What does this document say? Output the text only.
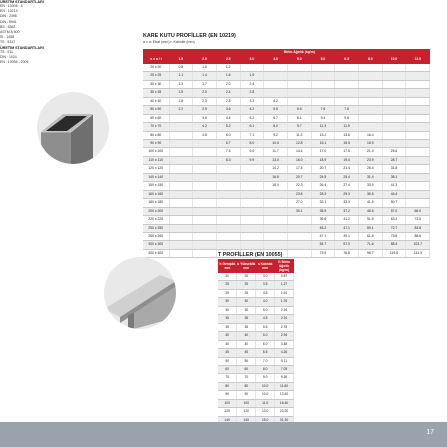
KARE KUTU PROFİLLER (EN 10219)
a x a: Ebat (mm) t: Kalınlık (mm)
	Birim Ağırlık (kg/m)										
a x a / t	1.5	2.0	2.5	3.0	4.0	5.0	5.0	6.3	8.0	10.0	12.0
20 x 20	0.8	1.0	1.2								
25 x 25	1.1	1.4	1.6	1.9							
30 x 30	1.3	1.7	2.0	2.4							
35 x 35	1.5	2.0	2.4	2.8							
40 x 40	1.8	2.3	2.8	3.3	4.2						
50 x 50	2.2	2.9	3.6	4.2	5.5	6.6	7.6	7.6			
60 x 60		3.6	4.4	5.2	6.7	8.1	9.4	9.6			
70 x 70		4.2	5.2	6.1	8.0	9.7	11.3	11.5			
80 x 80		4.8	6.0	7.1	9.2	11.3	13.2	13.6	16.4		
90 x 90			6.7	8.0	10.5	12.8	15.1	15.5	18.9		
100 x 100			7.5	9.0	11.7	14.4	17.0	17.5	21.4	25.6	
110 x 110			8.3	9.9	13.0	16.0	18.9	19.4	23.9	28.7	
120 x 120					14.2	17.5	20.7	21.4	26.4	31.8	
140 x 140					16.8	20.7	24.5	25.4	31.4	38.1	
150 x 150					18.0	22.3	26.4	27.4	33.9	41.3	
160 x 160						23.8	28.3	29.3	36.5	44.4	
180 x 180						27.0	32.1	33.3	41.5	50.7	
200 x 200						30.1	35.9	37.2	46.5	57.0	66.0
220 x 220							39.6	41.2	51.5	63.2	73.5
250 x 250							45.2	47.1	59.1	72.7	84.8
260 x 260							47.1	49.1	61.6	75.8	88.6
300 x 300							54.7	57.0	71.6	88.4	103.7
400 x 400							73.5	76.8	96.7	119.8	141.3
ÜRETİM STANDARTLARI
EN : 10305 - 5
EN : 10219
DIN : 2395
DIN : 5941
BS : 6363
ASTM A 500
SI : 1458
TS : 5317
T PROFİLLER (EN 10055)
h Genişlik mm	b Yükseklik mm	s Kalınlık mm	G Birim Ağırlık (kg/m)
20	20	3.0	0.87
25	25	3.5	1.27
25	25	4.5	1.61
30	30	4.0	1.76
30	30	5.0	2.16
35	35	4.5	2.31
35	35	5.5	2.78
40	40	5.0	2.94
40	40	6.0	3.48
45	45	6.5	4.26
50	50	7.0	5.11
60	60	8.0	7.03
70	70	9.0	9.26
80	80	10.0	11.60
90	90	10.0	13.40
100	100	11.0	16.40
120	120	13.0	23.20
140	140	15.0	31.30
ÜRETİM STANDARTLARI
TS : 911
DIN : 1024
EN : 10055 - 2005
17
